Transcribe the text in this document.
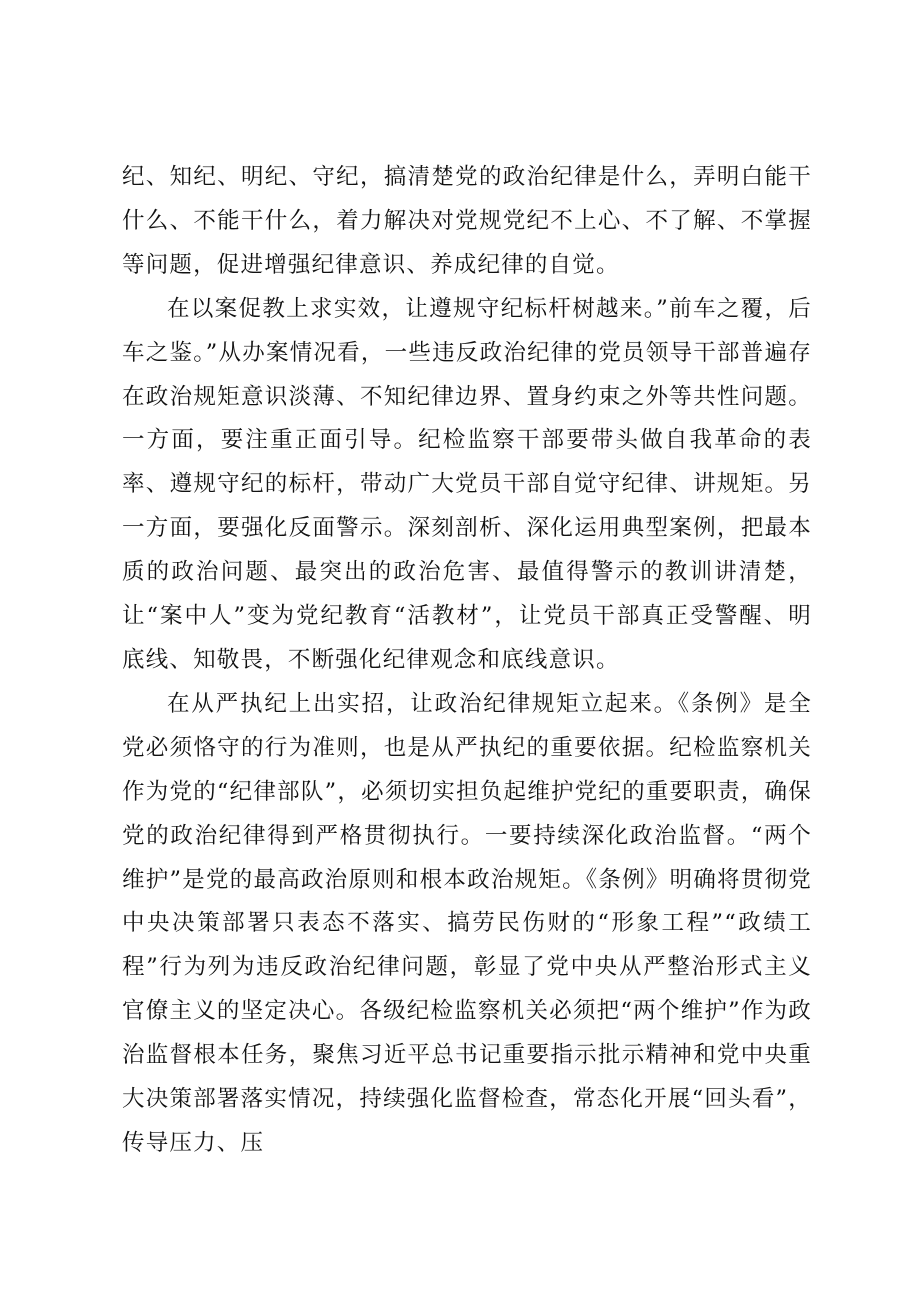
纪、知纪、明纪、守纪，搞清楚党的政治纪律是什么，弄明白能干什么、不能干什么，着力解决对党规党纪不上心、不了解、不掌握等问题，促进增强纪律意识、养成纪律的自觉。

在以案促教上求实效，让遵规守纪标杆树越来。”前车之覆，后车之鉴。”从办案情况看，一些违反政治纪律的党员领导干部普遍存在政治规矩意识淡薄、不知纪律边界、置身约束之外等共性问题。一方面，要注重正面引导。纪检监察干部要带头做自我革命的表率、遵规守纪的标杆，带动广大党员干部自觉守纪律、讲规矩。另一方面，要强化反面警示。深刻剖析、深化运用典型案例，把最本质的政治问题、最突出的政治危害、最值得警示的教训讲清楚，让“案中人”变为党纪教育“活教材”，让党员干部真正受警醒、明底线、知敬畏，不断强化纪律观念和底线意识。

在从严执纪上出实招，让政治纪律规矩立起来。《条例》是全党必须恪守的行为准则，也是从严执纪的重要依据。纪检监察机关作为党的“纪律部队”，必须切实担负起维护党纪的重要职责，确保党的政治纪律得到严格贯彻执行。一要持续深化政治监督。“两个维护”是党的最高政治原则和根本政治规矩。《条例》明确将贯彻党中央决策部署只表态不落实、搞劳民伤财的“形象工程”“政绩工程”行为列为违反政治纪律问题，彰显了党中央从严整治形式主义官僚主义的坚定决心。各级纪检监察机关必须把“两个维护”作为政治监督根本任务，聚焦习近平总书记重要指示批示精神和党中央重大决策部署落实情况，持续强化监督检查，常态化开展“回头看”，传导压力、压
